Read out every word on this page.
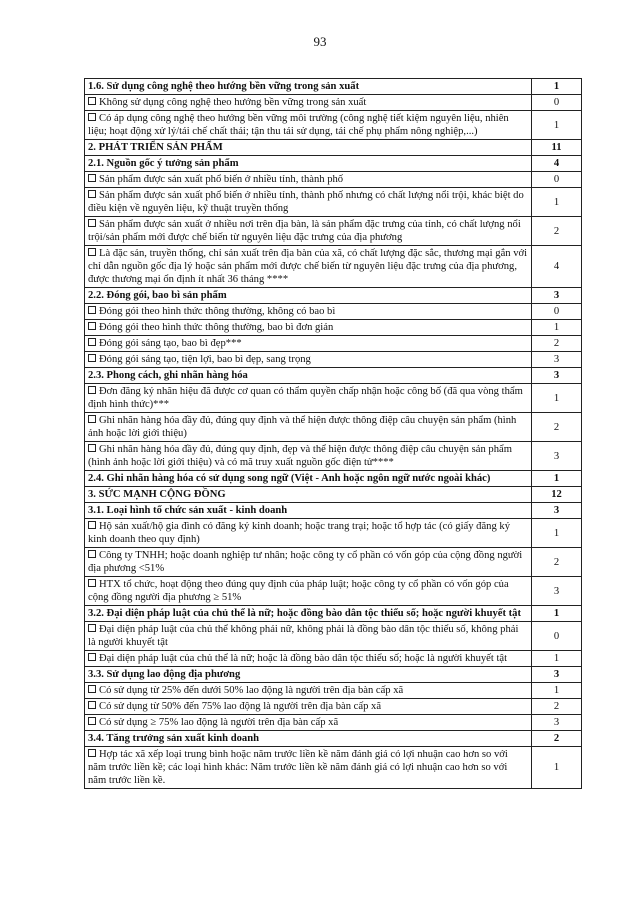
93
1.6. Sử dụng công nghệ theo hướng bền vững trong sản xuất	1
Không sử dụng công nghệ theo hướng bền vững trong sản xuất	0
Có áp dụng công nghệ theo hướng bền vững môi trường (công nghệ tiết kiệm nguyên liệu, nhiên liệu; hoạt động xử lý/tái chế chất thải; tận thu tái sử dụng, tái chế phụ phẩm nông nghiệp,...)	1
2. PHÁT TRIỂN SẢN PHẨM	11
2.1. Nguồn gốc ý tưởng sản phẩm	4
Sản phẩm được sản xuất phổ biến ở nhiều tỉnh, thành phố	0
Sản phẩm được sản xuất phổ biến ở nhiều tỉnh, thành phố nhưng có chất lượng nổi trội, khác biệt do điều kiện về nguyên liệu, kỹ thuật truyền thống	1
Sản phẩm được sản xuất ở nhiều nơi trên địa bàn, là sản phẩm đặc trưng của tỉnh, có chất lượng nổi trội/sản phẩm mới được chế biến từ nguyên liệu đặc trưng của địa phương	2
Là đặc sản, truyền thống, chỉ sản xuất trên địa bàn của xã, có chất lượng đặc sắc, thương mại gắn với chỉ dẫn nguồn gốc địa lý hoặc sản phẩm mới được chế biến từ nguyên liệu đặc trưng của địa phương, được thương mại ổn định ít nhất 36 tháng ****	4
2.2. Đóng gói, bao bì sản phẩm	3
Đóng gói theo hình thức thông thường, không có bao bì	0
Đóng gói theo hình thức thông thường, bao bì đơn giản	1
Đóng gói sáng tạo, bao bì đẹp***	2
Đóng gói sáng tạo, tiện lợi, bao bì đẹp, sang trọng	3
2.3. Phong cách, ghi nhãn hàng hóa	3
Đơn đăng ký nhãn hiệu đã được cơ quan có thẩm quyền chấp nhận hoặc công bố (đã qua vòng thẩm định hình thức)***	1
Ghi nhãn hàng hóa đầy đủ, đúng quy định và thể hiện được thông điệp câu chuyện sản phẩm (hình ảnh hoặc lời giới thiệu)	2
Ghi nhãn hàng hóa đầy đủ, đúng quy định, đẹp và thể hiện được thông điệp câu chuyện sản phẩm (hình ảnh hoặc lời giới thiệu) và có mã truy xuất nguồn gốc điện tử****	3
2.4. Ghi nhãn hàng hóa có sử dụng song ngữ (Việt - Anh hoặc ngôn ngữ nước ngoài khác)	1
3. SỨC MẠNH CỘNG ĐỒNG	12
3.1. Loại hình tổ chức sản xuất - kinh doanh	3
Hộ sản xuất/hộ gia đình có đăng ký kinh doanh; hoặc trang trại; hoặc tổ hợp tác (có giấy đăng ký kinh doanh theo quy định)	1
Công ty TNHH; hoặc doanh nghiệp tư nhân; hoặc công ty cổ phần có vốn góp của cộng đồng người địa phương <51%	2
HTX tổ chức, hoạt động theo đúng quy định của pháp luật; hoặc công ty cổ phần có vốn góp của cộng đồng người địa phương ≥ 51%	3
3.2. Đại diện pháp luật của chủ thể là nữ; hoặc đồng bào dân tộc thiểu số; hoặc người khuyết tật	1
Đại diện pháp luật của chủ thể không phải nữ, không phải là đồng bào dân tộc thiểu số, không phải là người khuyết tật	0
Đại diện pháp luật của chủ thể là nữ; hoặc là đồng bào dân tộc thiểu số; hoặc là người khuyết tật	1
3.3. Sử dụng lao động địa phương	3
Có sử dụng từ 25% đến dưới 50% lao động là người trên địa bàn cấp xã	1
Có sử dụng từ 50% đến 75% lao động là người trên địa bàn cấp xã	2
Có sử dụng ≥ 75% lao động là người trên địa bàn cấp xã	3
3.4. Tăng trưởng sản xuất kinh doanh	2
Hợp tác xã xếp loại trung bình hoặc năm trước liền kề năm đánh giá có lợi nhuận cao hơn so với năm trước liền kề; các loại hình khác: Năm trước liền kề năm đánh giá có lợi nhuận cao hơn so với năm trước liền kề.	1
